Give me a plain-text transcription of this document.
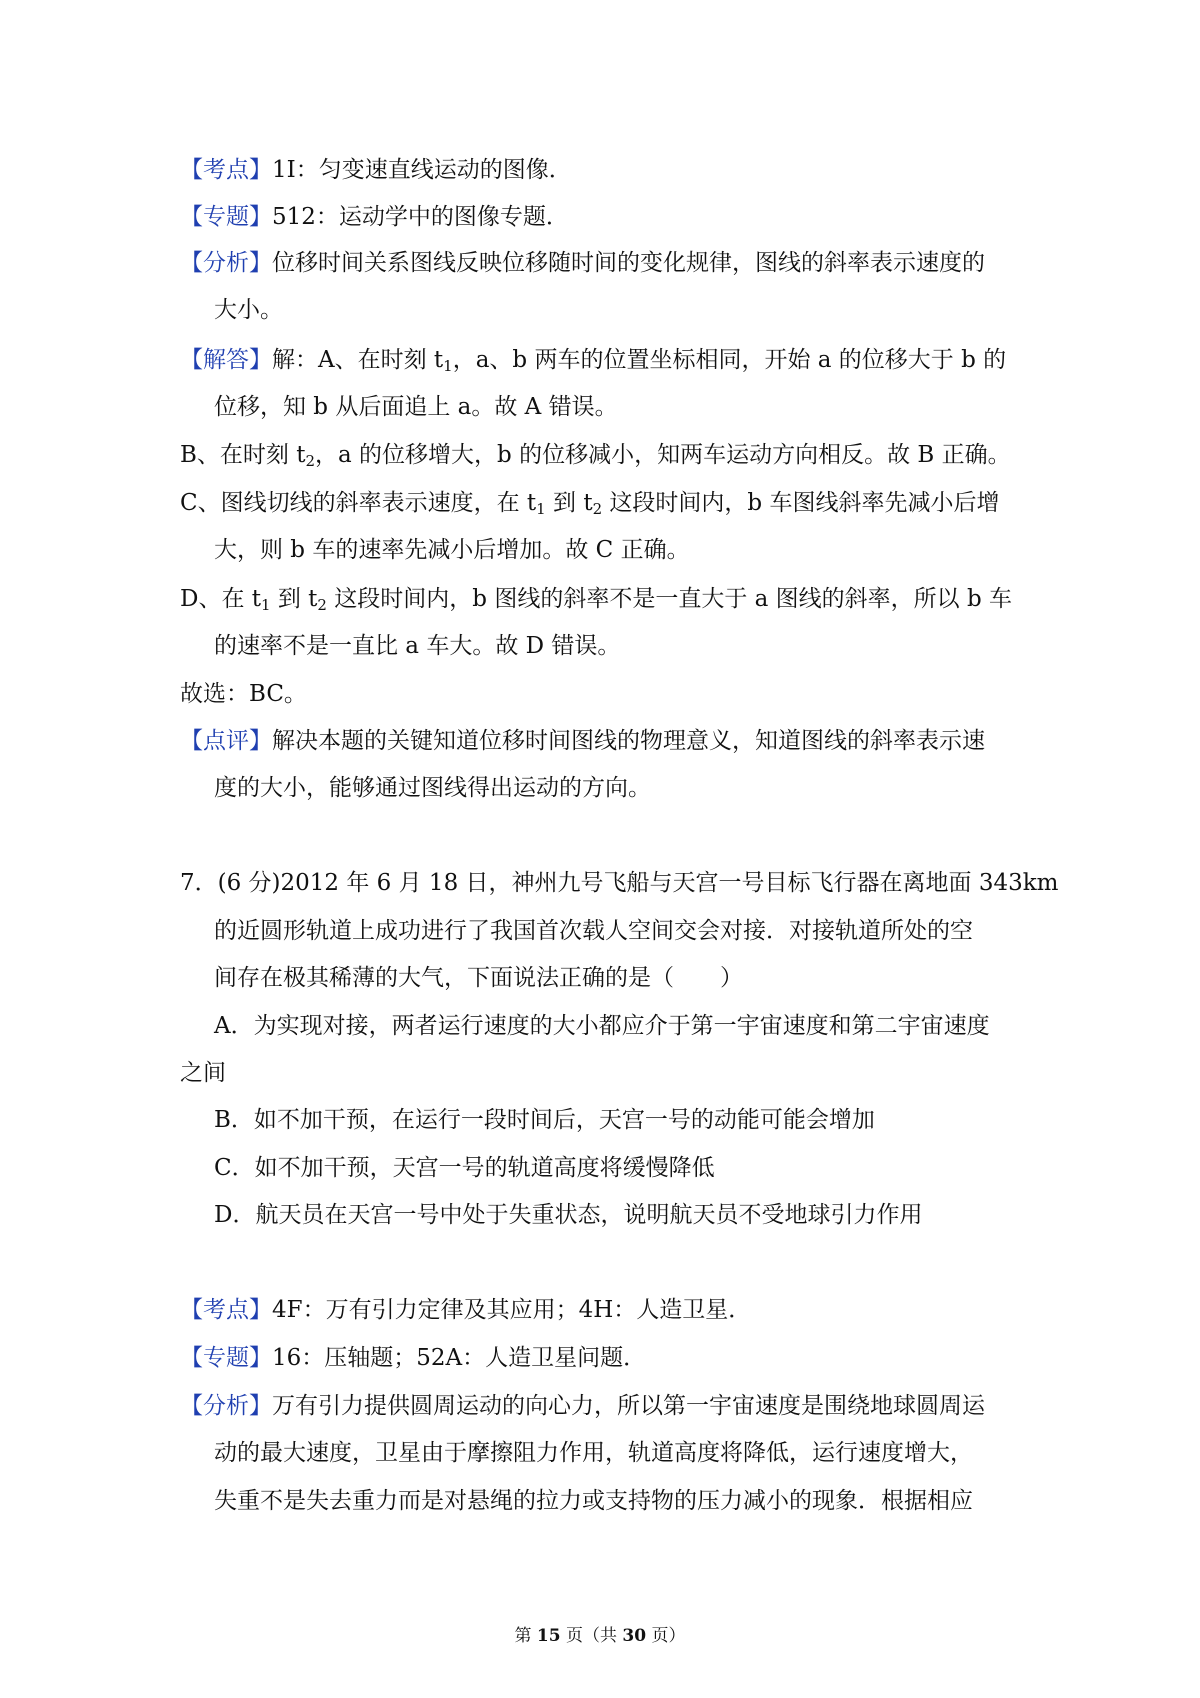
【考点】1I：匀变速直线运动的图像．
【专题】512：运动学中的图像专题．
【分析】位移时间关系图线反映位移随时间的变化规律，图线的斜率表示速度的
大小。
【解答】解：A、在时刻 $t_1$，a、b 两车的位置坐标相同，开始 a 的位移大于 b 的
位移，知 b 从后面追上 a。故 A 错误。
B、在时刻 $t_2$，a 的位移增大，b 的位移减小，知两车运动方向相反。故 B 正确。
C、图线切线的斜率表示速度，在 $t_1$ 到 $t_2$ 这段时间内，b 车图线斜率先减小后增
大，则 b 车的速率先减小后增加。故 C 正确。
D、在 $t_1$ 到 $t_2$ 这段时间内，b 图线的斜率不是一直大于 a 图线的斜率，所以 b 车
的速率不是一直比 a 车大。故 D 错误。
故选：BC。
【点评】解决本题的关键知道位移时间图线的物理意义，知道图线的斜率表示速
度的大小，能够通过图线得出运动的方向。
7．(6 分)2012 年 6 月 18 日，神州九号飞船与天宫一号目标飞行器在离地面 343km
的近圆形轨道上成功进行了我国首次载人空间交会对接．对接轨道所处的空
间存在极其稀薄的大气，下面说法正确的是（　　）
A．为实现对接，两者运行速度的大小都应介于第一宇宙速度和第二宇宙速度
之间
B．如不加干预，在运行一段时间后，天宫一号的动能可能会增加
C．如不加干预，天宫一号的轨道高度将缓慢降低
D．航天员在天宫一号中处于失重状态，说明航天员不受地球引力作用
【考点】4F：万有引力定律及其应用；4H：人造卫星．
【专题】16：压轴题；52A：人造卫星问题．
【分析】万有引力提供圆周运动的向心力，所以第一宇宙速度是围绕地球圆周运
动的最大速度，卫星由于摩擦阻力作用，轨道高度将降低，运行速度增大，
失重不是失去重力而是对悬绳的拉力或支持物的压力减小的现象．根据相应
第 15 页（共 30 页）
